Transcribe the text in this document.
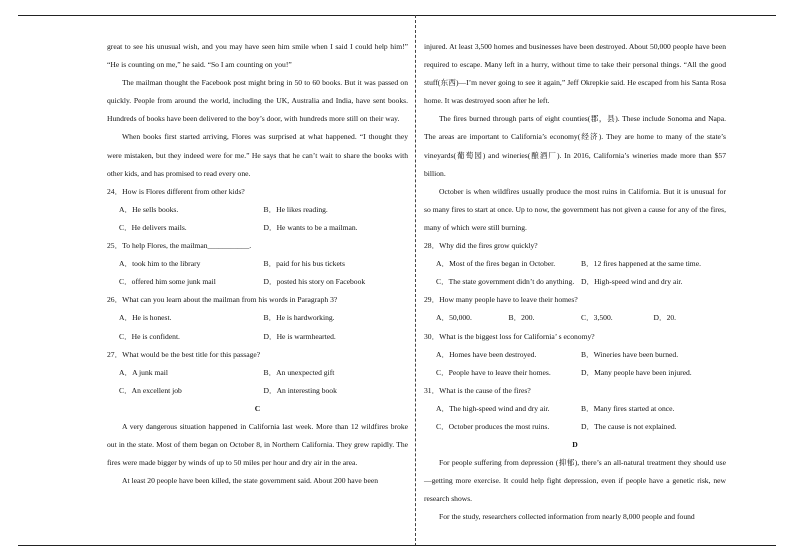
great to see his unusual wish, and you may have seen him smile when I said I could help him!” “He is counting on me,” he said. “So I am counting on you!”

The mailman thought the Facebook post might bring in 50 to 60 books. But it was passed on quickly. People from around the world, including the UK, Australia and India, have sent books. Hundreds of books have been delivered to the boy’s door, with hundreds more still on their way.

When books first started arriving, Flores was surprised at what happened. “I thought they were mistaken, but they indeed were for me.” He says that he can’t wait to share the books with other kids, and has promised to read every one.

24．How is Flores different from other kids?
A．He sells books.	B．He likes reading.
C．He delivers mails.	D．He wants to be a mailman.
25．To help Flores, the mailman___________.
A．took him to the library	B．paid for his bus tickets
C．offered him some junk mail	D．posted his story on Facebook
26．What can you learn about the mailman from his words in Paragraph 3?
A．He is honest.	B．He is hardworking.
C．He is confident.	D．He is warmhearted.
27．What would be the best title for this passage?
A．A junk mail	B．An unexpected gift
C．An excellent job	D．An interesting book
C

A very dangerous situation happened in California last week. More than 12 wildfires broke out in the state. Most of them began on October 8, in Northern California. They grew rapidly. The fires were made bigger by winds of up to 50 miles per hour and dry air in the area.

At least 20 people have been killed, the state government said. About 200 have been

injured. At least 3,500 homes and businesses have been destroyed. About 50,000 people have been required to escape. Many left in a hurry, without time to take their personal things. “All the good stuff(东西)—I’m never going to see it again,” Jeff Okrepkie said. He escaped from his Santa Rosa home. It was destroyed soon after he left.

The fires burned through parts of eight counties(郡，县). These include Sonoma and Napa. The areas are important to California’s economy(经济). They are home to many of the state’s vineyards(葡萄园) and wineries(酿酒厂). In 2016, California’s wineries made more than $57 billion.

October is when wildfires usually produce the most ruins in California. But it is unusual for so many fires to start at once. Up to now, the government has not given a cause for any of the fires, many of which were still burning.

28．Why did the fires grow quickly?
A．Most of the fires began in October.	B．12 fires happened at the same time.
C．The state government didn’t do anything. D．High-speed wind and dry air.
29．How many people have to leave their homes?
A．50,000.	B．200.	C．3,500.	D．20.
30．What is the biggest loss for California’ s economy?
A．Homes have been destroyed.	B．Wineries have been burned.
C．People have to leave their homes.	D．Many people have been injured.
31．What is the cause of the fires?
A．The high-speed wind and dry air.	B．Many fires started at once.
C．October produces the most ruins.	D．The cause is not explained.
D

For people suffering from depression (抑郁), there’s an all-natural treatment they should use—getting more exercise. It could help fight depression, even if people have a genetic risk, new research shows.

For the study, researchers collected information from nearly 8,000 people and found
